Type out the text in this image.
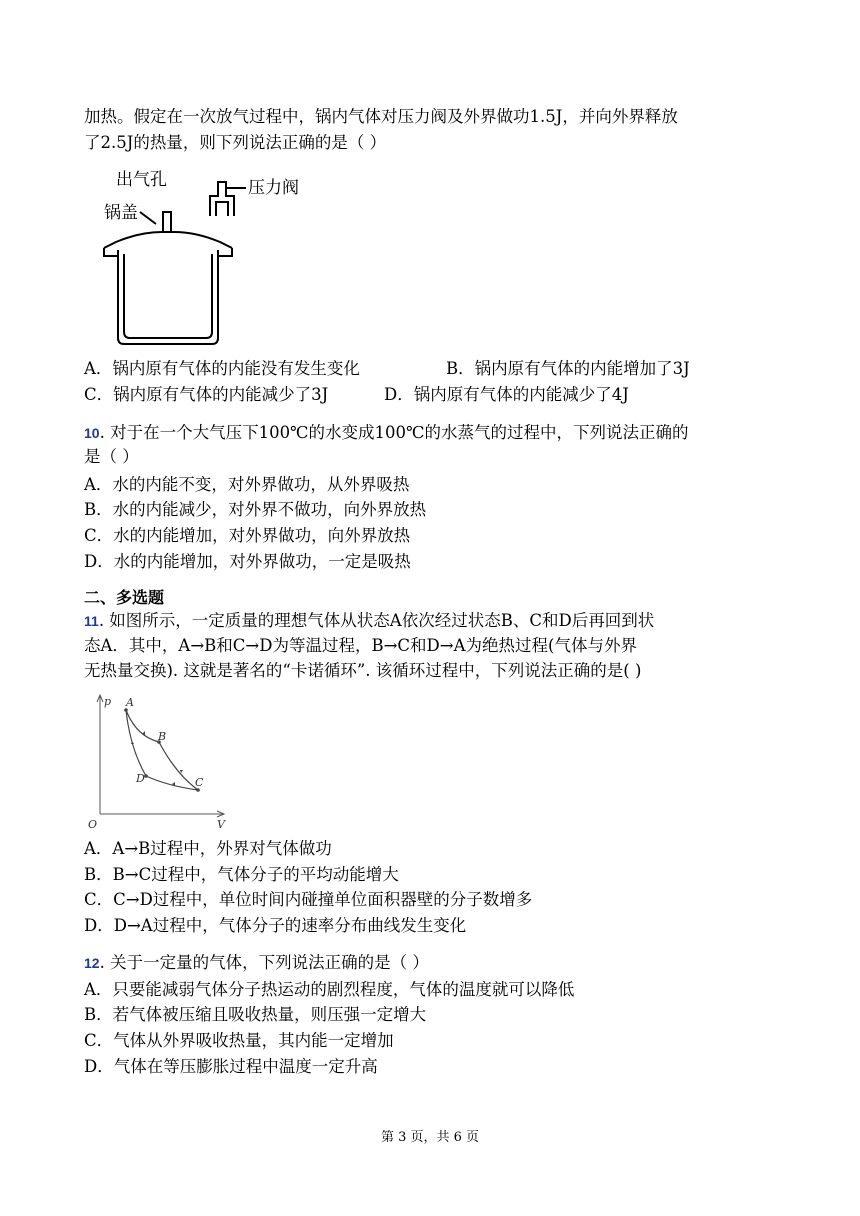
加热。假定在一次放气过程中，锅内气体对压力阀及外界做功1.5J，并向外界释放
了2.5J的热量，则下列说法正确的是（ ）
出气孔	压力阀
锅盖
A．锅内原有气体的内能没有发生变化	B．锅内原有气体的内能增加了3J
C．锅内原有气体的内能减少了3J	D．锅内原有气体的内能减少了4J
10. 对于在一个大气压下100℃的水变成100℃的水蒸气的过程中，下列说法正确的
是（ ）
A．水的内能不变，对外界做功，从外界吸热
B．水的内能减少，对外界不做功，向外界放热
C．水的内能增加，对外界做功，向外界放热
D．水的内能增加，对外界做功，一定是吸热
二、多选题
11. 如图所示，一定质量的理想气体从状态A依次经过状态B、C和D后再回到状
态A．其中，A→B和C→D为等温过程，B→C和D→A为绝热过程(气体与外界
无热量交换). 这就是著名的“卡诺循环”. 该循环过程中，下列说法正确的是( )
p
V
O
A
B
C
D
A．A→B过程中，外界对气体做功
B．B→C过程中，气体分子的平均动能增大
C．C→D过程中，单位时间内碰撞单位面积器壁的分子数增多
D．D→A过程中，气体分子的速率分布曲线发生变化
12. 关于一定量的气体，下列说法正确的是（ ）
A．只要能减弱气体分子热运动的剧烈程度，气体的温度就可以降低
B．若气体被压缩且吸收热量，则压强一定增大
C．气体从外界吸收热量，其内能一定增加
D．气体在等压膨胀过程中温度一定升高
第 3 页，共 6 页
